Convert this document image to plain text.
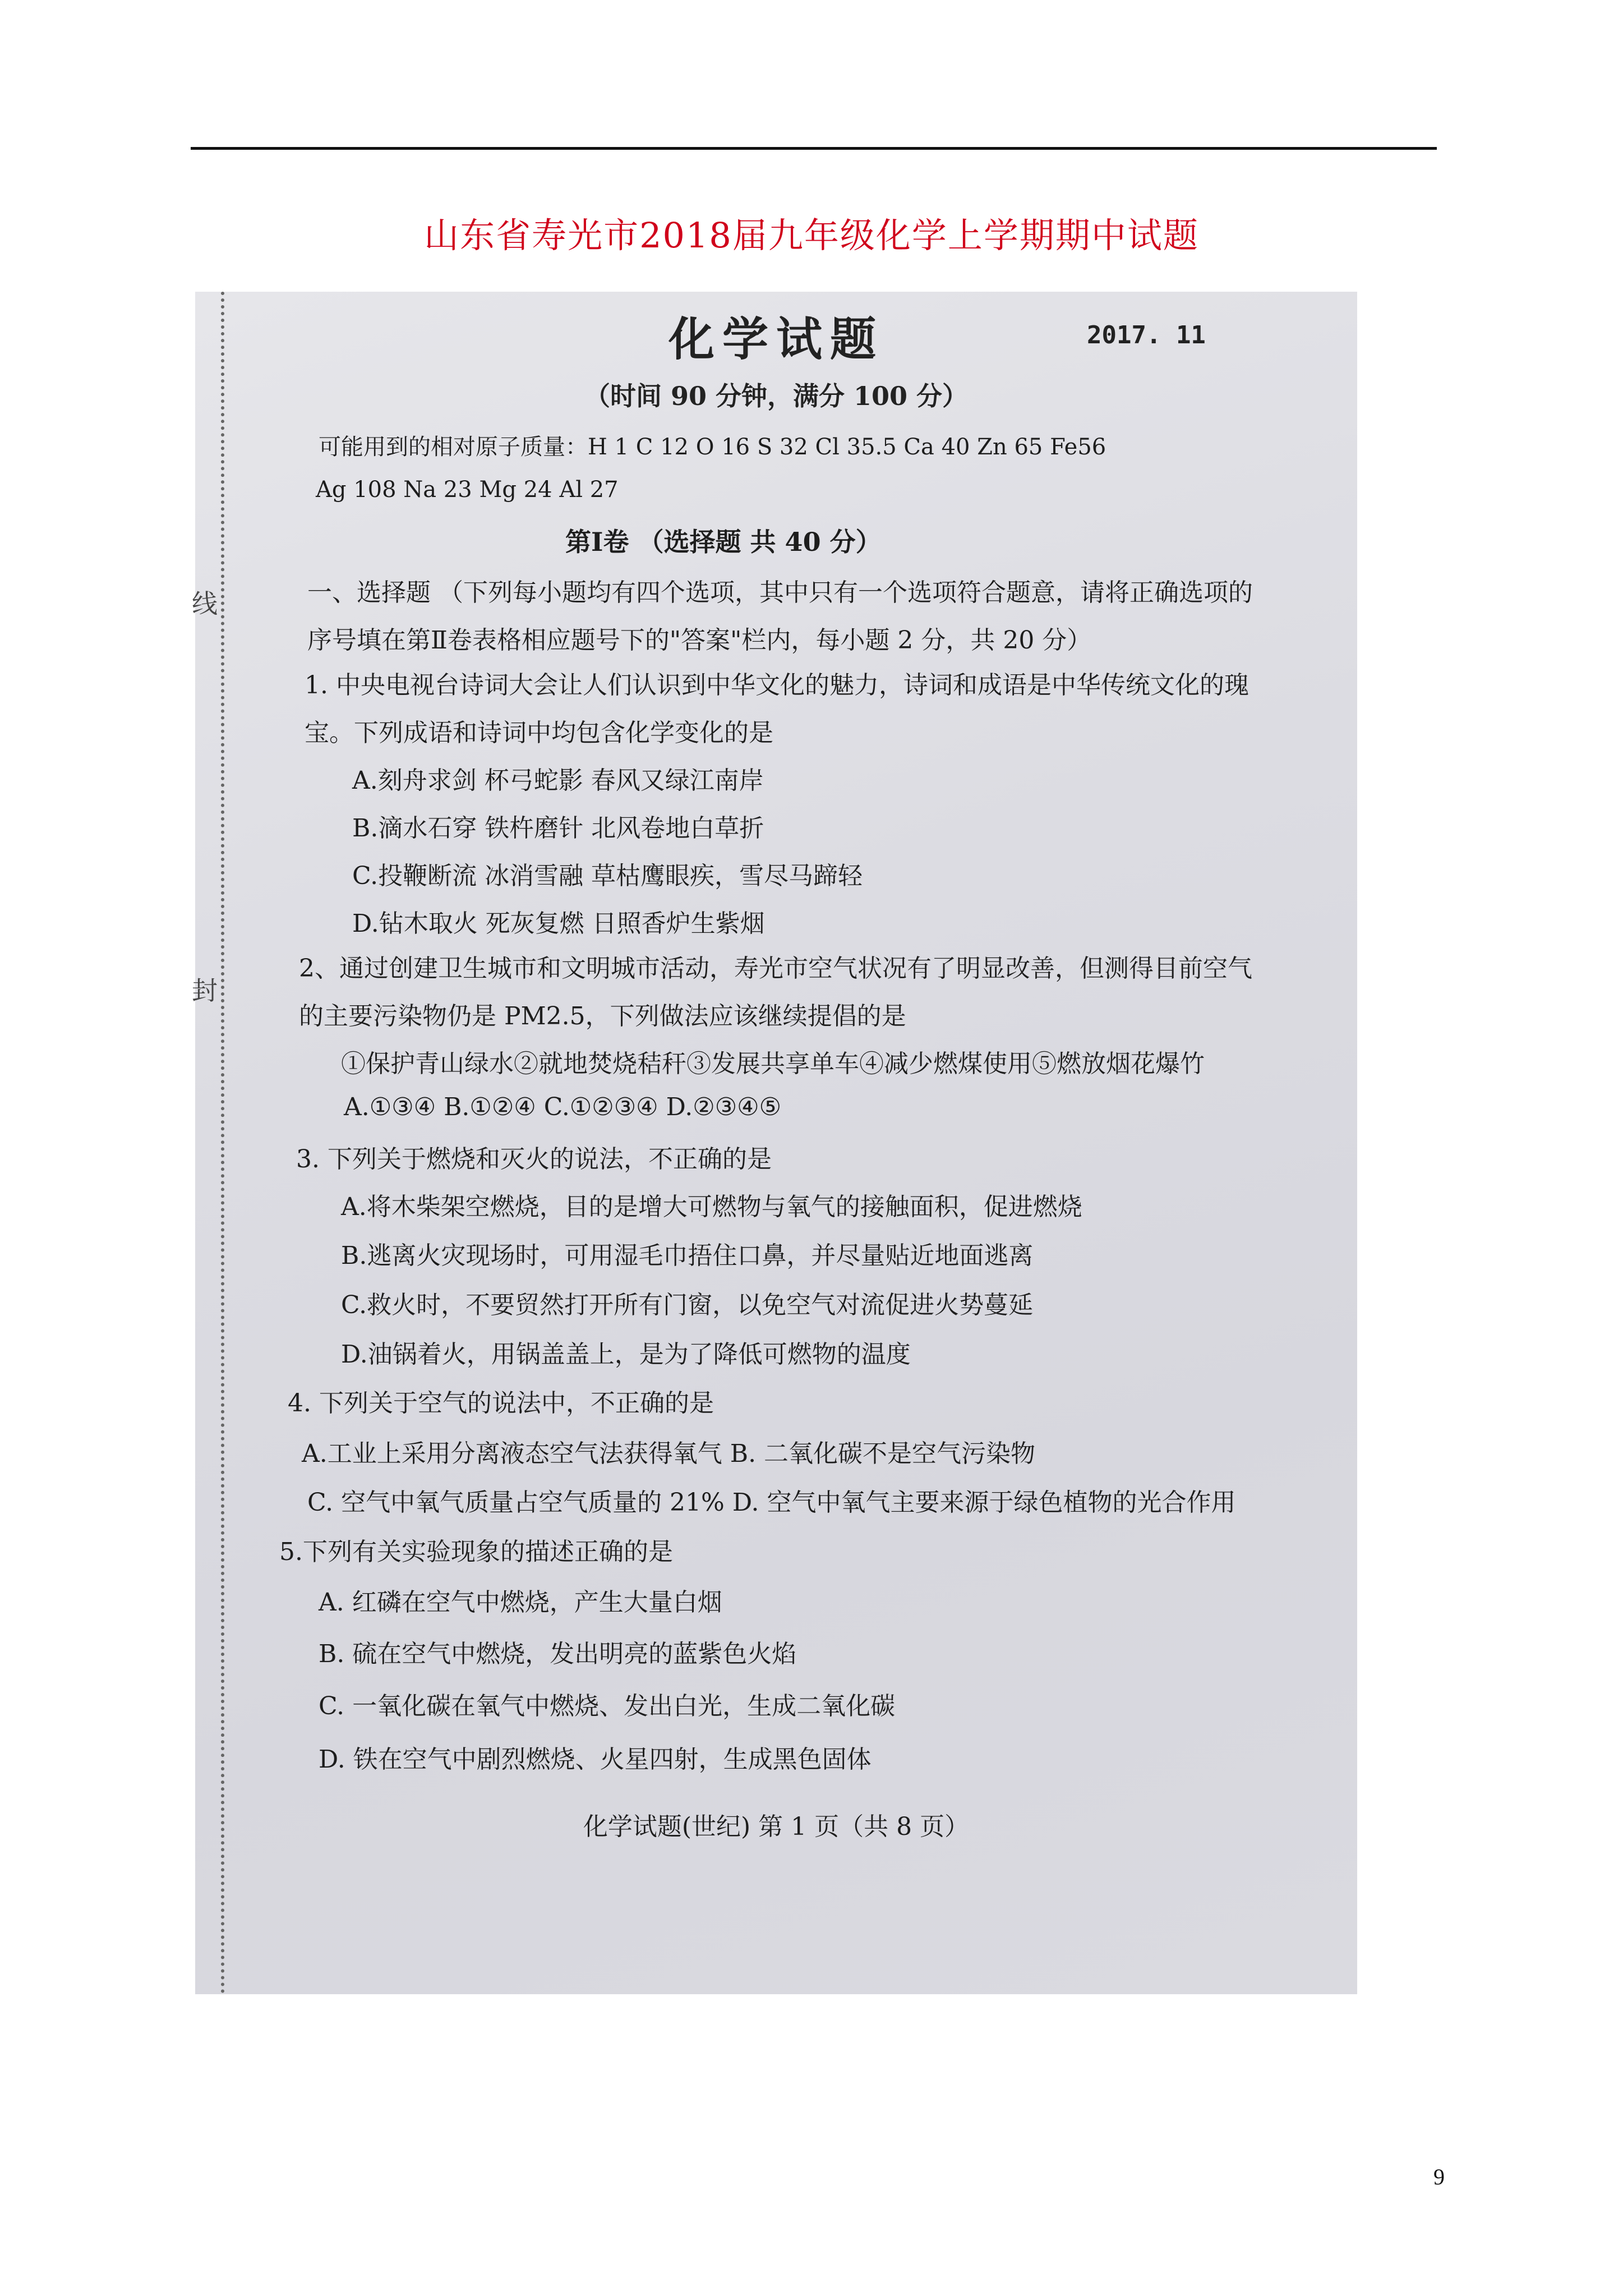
山东省寿光市2018届九年级化学上学期期中试题
线
封
化学试题	2017. 11
（时间 90 分钟，满分 100 分）
可能用到的相对原子质量：H 1 C 12 O 16 S 32 Cl 35.5 Ca 40 Zn 65 Fe56
Ag 108 Na 23 Mg 24 Al 27
第Ⅰ卷 （选择题 共 40 分）
一、选择题 （下列每小题均有四个选项，其中只有一个选项符合题意，请将正确选项的
序号填在第Ⅱ卷表格相应题号下的"答案"栏内，每小题 2 分，共 20 分）
1. 中央电视台诗词大会让人们认识到中华文化的魅力，诗词和成语是中华传统文化的瑰
宝。下列成语和诗词中均包含化学变化的是
A.刻舟求剑 杯弓蛇影 春风又绿江南岸
B.滴水石穿 铁杵磨针 北风卷地白草折
C.投鞭断流 冰消雪融 草枯鹰眼疾，雪尽马蹄轻
D.钻木取火 死灰复燃 日照香炉生紫烟
2、通过创建卫生城市和文明城市活动，寿光市空气状况有了明显改善，但测得目前空气
的主要污染物仍是 PM2.5，下列做法应该继续提倡的是
①保护青山绿水②就地焚烧秸秆③发展共享单车④减少燃煤使用⑤燃放烟花爆竹
A.①③④ B.①②④ C.①②③④ D.②③④⑤
3. 下列关于燃烧和灭火的说法，不正确的是
A.将木柴架空燃烧，目的是增大可燃物与氧气的接触面积，促进燃烧
B.逃离火灾现场时，可用湿毛巾捂住口鼻，并尽量贴近地面逃离
C.救火时，不要贸然打开所有门窗，以免空气对流促进火势蔓延
D.油锅着火，用锅盖盖上，是为了降低可燃物的温度
4. 下列关于空气的说法中，不正确的是
A.工业上采用分离液态空气法获得氧气 B. 二氧化碳不是空气污染物
C. 空气中氧气质量占空气质量的 21% D. 空气中氧气主要来源于绿色植物的光合作用
5.下列有关实验现象的描述正确的是
A. 红磷在空气中燃烧，产生大量白烟
B. 硫在空气中燃烧，发出明亮的蓝紫色火焰
C. 一氧化碳在氧气中燃烧、发出白光，生成二氧化碳
D. 铁在空气中剧烈燃烧、火星四射，生成黑色固体
化学试题(世纪) 第 1 页（共 8 页）
9
